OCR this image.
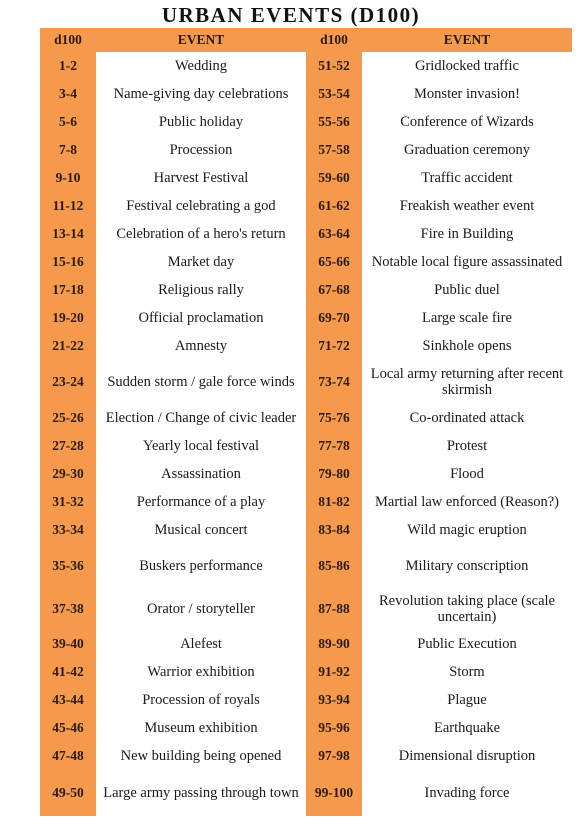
URBAN EVENTS (D100)
d100	EVENT	d100	EVENT
1-2	Wedding	51-52	Gridlocked traffic
3-4	Name-giving day celebrations	53-54	Monster invasion!
5-6	Public holiday	55-56	Conference of Wizards
7-8	Procession	57-58	Graduation ceremony
9-10	Harvest Festival	59-60	Traffic accident
11-12	Festival celebrating a god	61-62	Freakish weather event
13-14	Celebration of a hero's return	63-64	Fire in Building
15-16	Market day	65-66	Notable local figure assassinated
17-18	Religious rally	67-68	Public duel
19-20	Official proclamation	69-70	Large scale fire
21-22	Amnesty	71-72	Sinkhole opens
23-24	Sudden storm / gale force winds	73-74	Local army returning after recent skirmish
25-26	Election / Change of civic leader	75-76	Co-ordinated attack
27-28	Yearly local festival	77-78	Protest
29-30	Assassination	79-80	Flood
31-32	Performance of a play	81-82	Martial law enforced (Reason?)
33-34	Musical concert	83-84	Wild magic eruption
35-36	Buskers performance	85-86	Military conscription
37-38	Orator / storyteller	87-88	Revolution taking place (scale uncertain)
39-40	Alefest	89-90	Public Execution
41-42	Warrior exhibition	91-92	Storm
43-44	Procession of royals	93-94	Plague
45-46	Museum exhibition	95-96	Earthquake
47-48	New building being opened	97-98	Dimensional disruption
49-50	Large army passing through town	99-100	Invading force
